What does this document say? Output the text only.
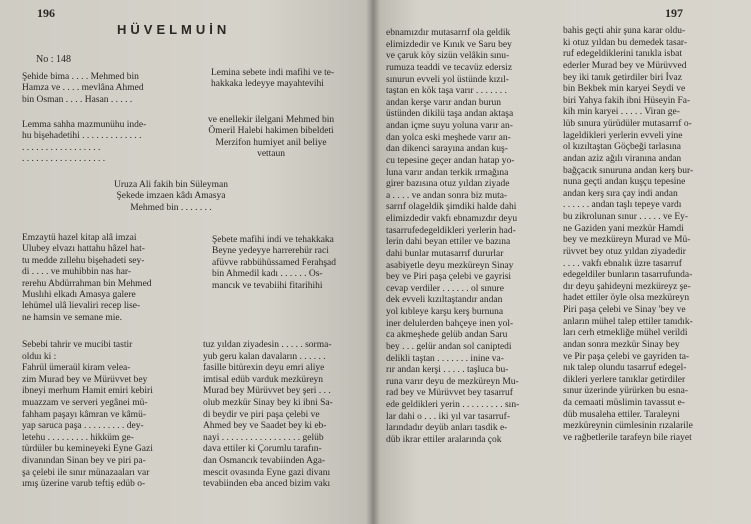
196
HÜVELMUİN
No : 148
Şehide bima . . . . Mehmed bin
Hamza ve . . . . mevlâna Ahmed
bin Osman . . . . Hasan . . . . .
Lemina sebete indi mafihi ve te-
hakkaka ledeyye mayahtevihi
Lemma sahha mazmunühu inde-
hu bişehadetihi . . . . . . . . . . . . .
. . . . . . . . . . . . . . . . .
. . . . . . . . . . . . . . . . . .
ve enellekir ilelgani Mehmed bin
Ömeril Halebi hakimen bibeldeti
Merzifon humiyet anil beliye
vettaun
Uruza Ali fakih bin Süleyman
Şekede imzaen kâdı Amasya
Mehmed bin . . . . . . .
Emzaytü hazel kitap alâ imzai
Ulubey elvazı hattahu hâzel hat-
tu medde zıllehu bişehadeti sey-
di . . . . ve muhibbin nas har-
rerehu Abdürrahman bin Mehmed
Muslıhi elkadı Amasya galere
lehümel ulâ lievaliri recep lise-
ne hamsin ve semane mie.
Şebete mafihi indi ve tehakkaka
Beyne yedeyye harrerehür raci
afüvve rabbühüssamed Ferahşad
bin Ahmedil kadı . . . . . . Os-
mancık ve tevabiihi fitarihihi
Sebebi tahrir ve mucibi tastir
olduı ki :
Fahrül ümeraül kiram velea-
zim Murad bey ve Mürüvvet bey
ibneyi merhum Hamit emiri kebiri
muazzam ve serveri yegânei mü-
fahham paşayı kâmran ve kâmü-
yap saruca paşa . . . . . . . . . dey-
letehu . . . . . . . . . hikküm ge-
türdüler bu kemineyeki Eyne Gazi
divanından Sinan bey ve piri pa-
şa çelebi ile sınır münazaaları var
ımış üzerine varub teftiş edüb o-
tuz yıldan ziyadesin . . . . . sorma-
yub geru kalan davaların . . . . . .
fasille bitürexin deyu emri aliye
imtisal edüb varduk mezküreyn
Murad bey Mürüvvet bey şeri . . .
olub mezkür Sinay bey ki ibni Sa-
di beydir ve piri paşa çelebi ve
Ahmed bey ve Saadet bey ki eb-
nayi . . . . . . . . . . . . . . . . . gelüb
dava ettiler ki Çorumlu tarafın-
dan Osmancık tevabiinden Aga-
mescit ovasında Eyne gazi divanı
tevabiinden eba anced bizim vakı
197
ebnamızdır mutasarrıf ola geldik
elimizdedir ve Kınık ve Saru bey
ve çaruk köy sizün velâkin sınu-
rumuza teaddi ve tecavüz edersiz
sınurun evveli yol üstünde kızıl-
taştan en kök taşa varır . . . . . . .
andan kerşe varır andan burun
üstünden dikilü taşa andan aktaşa
andan içme suyu yoluna varır an-
dan yolca eski meşhede varır an-
dan dikenci sarayına andan kuş-
cu tepesine geçer andan hatap yo-
luna varır andan terkik ırmağına
girer bazısına otuz yıldan ziyade
a . . . . ve andan sonra biz muta-
sarrıf olageldik şimdiki halde dahi
elimizdedir vakfı ebnamızdır deyu
tasarrufedegeldikleri yerlerin had-
lerin dahi beyan ettiler ve bazına
dahi bunlar mutasarrıf dururlar
asabiyetle deyu mezküreyn Sinay
bey ve Piri paşa çelebi ve gayrisi
cevap verdiler . . . . . . ol sınure
dek evveli kızıltaştandır andan
yol kıbleye karşu kerş burnuna
iner delulerden bahçeye inen yol-
ca akmeşhede gelüb andan Saru
bey . . . gelür andan sol caniptedi
delikli taştan . . . . . . . inine va-
rır andan kerşi . . . . . taşluca bu-
runa varır deyu de mezküreyn Mu-
rad bey ve Mürüvvet bey tasarruf
ede geldikleri yerin . . . . . . . . . sın-
lar dahi o . . . iki yıl var tasarruf-
larındadır deyüb anları tasdik e-
düb ikrar ettiler aralarında çok
bahis geçti ahir şuna karar oldu-
ki otuz yıldan bu demedek tasar-
ruf edegeldiklerini tanıkla isbat
ederler Murad bey ve Mürüvved
bey iki tanık getirdiler biri İvaz
bin Bekbek min karyei Seydi ve
biri Yahya fakih ibni Hüseyin Fa-
kih min karyei . . . . . Viran ge-
lüb sınura yürüdüler mutasarrıf o-
lageldikleri yerlerin evveli yine
ol kızıltaştan Göçbeği tarlasına
andan aziz ağılı viranına andan
bağçacık sınuruna andan kerş bur-
nuna geçti andan kuşçu tepesine
andan kerş sıra çay indi andan
. . . . . . andan taşlı tepeye vardı
bu zikrolunan sınur . . . . . ve Ey-
ne Gaziden yani mezkür Hamdi
bey ve mezküreyn Murad ve Mü-
rüvvet bey otuz yıldan ziyadedir
. . . . vakfı ebnalık üzre tasarruf
edegeldiler bunların tasarrufunda-
dır deyu şahideyni mezküreyz şe-
hadet ettiler öyle olsa mezküreyn
Piri paşa çelebi ve Sinay 'bey ve
anların mühel talep ettiler tanıdık-
ları cerh etmekliğe mühel verildi
andan sonra mezkür Sinay bey
ve Pir paşa çelebi ve gayriden ta-
nık talep olundu tasarruf edegel-
dikleri yerlere tanıklar getirdiler
sınur üzerinde yürürken bu esna-
da cemaati müslimin tavassut e-
düb musaleha ettiler. Taraleyni
mezküreynin cümlesinin rızalarile
ve rağbetlerile tarafeyn bile riayet
